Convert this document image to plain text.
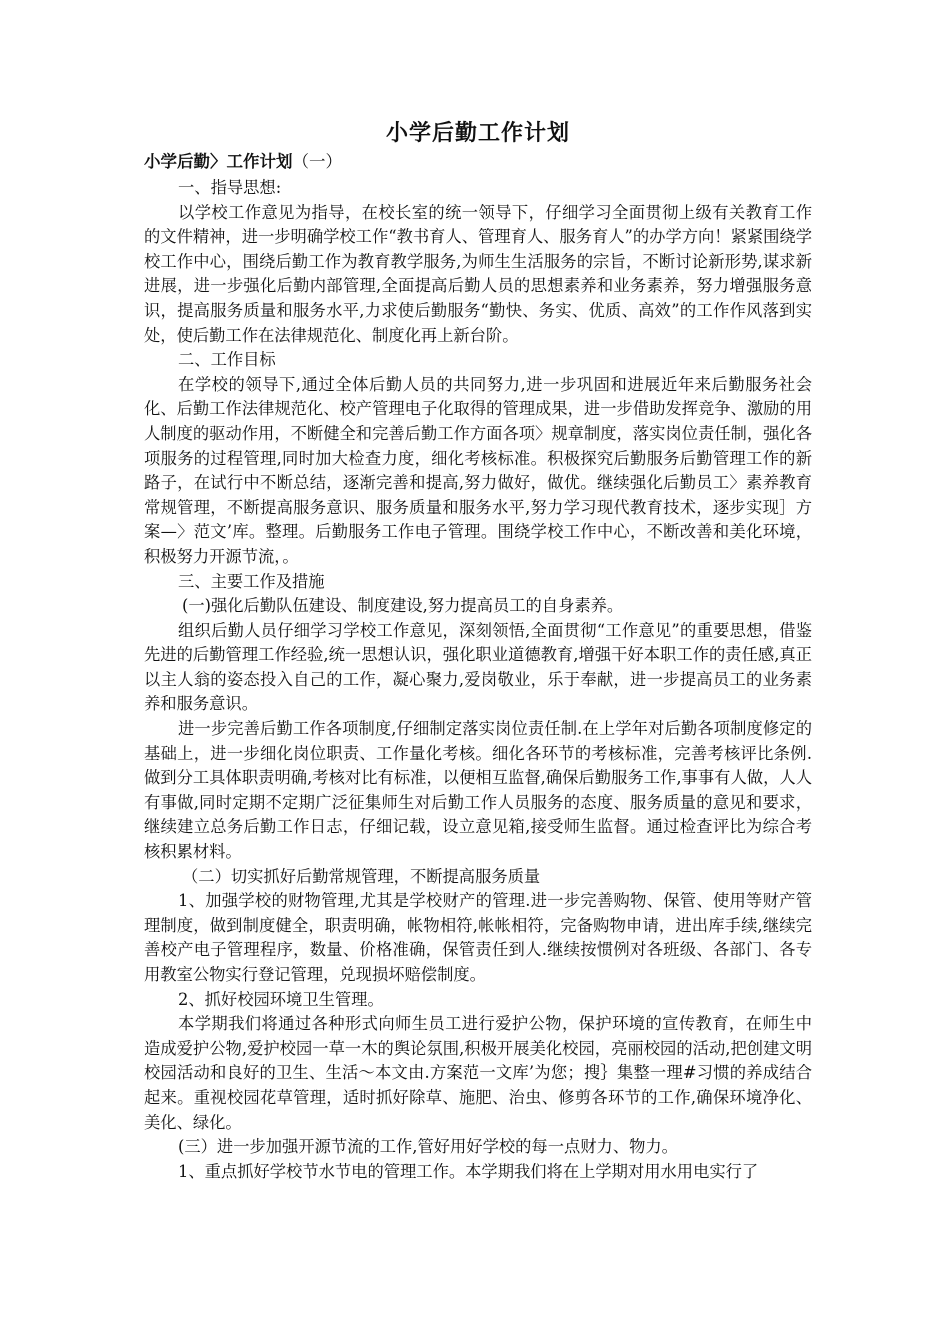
小学后勤工作计划

小学后勤〉工作计划（一）

一、指导思想:

以学校工作意见为指导，在校长室的统一领导下，仔细学习全面贯彻上级有关教育工作的文件精神，进一步明确学校工作“教书育人、管理育人、服务育人”的办学方向！紧紧围绕学校工作中心，围绕后勤工作为教育教学服务,为师生生活服务的宗旨，不断讨论新形势,谋求新进展，进一步强化后勤内部管理,全面提高后勤人员的思想素养和业务素养，努力增强服务意识，提高服务质量和服务水平,力求使后勤服务“勤快、务实、优质、高效”的工作作风落到实处，使后勤工作在法律规范化、制度化再上新台阶。

二、工作目标

在学校的领导下,通过全体后勤人员的共同努力,进一步巩固和进展近年来后勤服务社会化、后勤工作法律规范化、校产管理电子化取得的管理成果，进一步借助发挥竞争、激励的用人制度的驱动作用，不断健全和完善后勤工作方面各项〉规章制度，落实岗位责任制，强化各项服务的过程管理,同时加大检查力度，细化考核标准。积极探究后勤服务后勤管理工作的新路子，在试行中不断总结，逐渐完善和提高,努力做好，做优。继续强化后勤员工〉素养教育常规管理，不断提高服务意识、服务质量和服务水平,努力学习现代教育技术，逐步实现］方案—〉范文’库。整理。后勤服务工作电子管理。围绕学校工作中心，不断改善和美化环境，积极努力开源节流，。

三、主要工作及措施

(一)强化后勤队伍建设、制度建设,努力提高员工的自身素养。

组织后勤人员仔细学习学校工作意见，深刻领悟,全面贯彻“工作意见”的重要思想，借鉴先进的后勤管理工作经验,统一思想认识，强化职业道德教育,增强干好本职工作的责任感,真正以主人翁的姿态投入自己的工作，凝心聚力,爱岗敬业，乐于奉献，进一步提高员工的业务素养和服务意识。

进一步完善后勤工作各项制度,仔细制定落实岗位责任制.在上学年对后勤各项制度修定的基础上，进一步细化岗位职责、工作量化考核。细化各环节的考核标准，完善考核评比条例.做到分工具体职责明确,考核对比有标准，以便相互监督,确保后勤服务工作,事事有人做，人人有事做,同时定期不定期广泛征集师生对后勤工作人员服务的态度、服务质量的意见和要求，继续建立总务后勤工作日志，仔细记载，设立意见箱,接受师生监督。通过检查评比为综合考核积累材料。

（二）切实抓好后勤常规管理，不断提高服务质量

1、加强学校的财物管理,尤其是学校财产的管理.进一步完善购物、保管、使用等财产管理制度，做到制度健全，职责明确，帐物相符,帐帐相符，完备购物申请，进出库手续,继续完善校产电子管理程序，数量、价格准确，保管责任到人.继续按惯例对各班级、各部门、各专用教室公物实行登记管理，兑现损坏赔偿制度。

2、抓好校园环境卫生管理。

本学期我们将通过各种形式向师生员工进行爱护公物，保护环境的宣传教育，在师生中造成爱护公物,爱护校园一草一木的舆论氛围,积极开展美化校园，亮丽校园的活动,把创建文明校园活动和良好的卫生、生活～本文由.方案范一文库’为您；搜｝集整一理#习惯的养成结合起来。重视校园花草管理，适时抓好除草、施肥、治虫、修剪各环节的工作,确保环境净化、美化、绿化。

(三）进一步加强开源节流的工作,管好用好学校的每一点财力、物力。

1、重点抓好学校节水节电的管理工作。本学期我们将在上学期对用水用电实行了
